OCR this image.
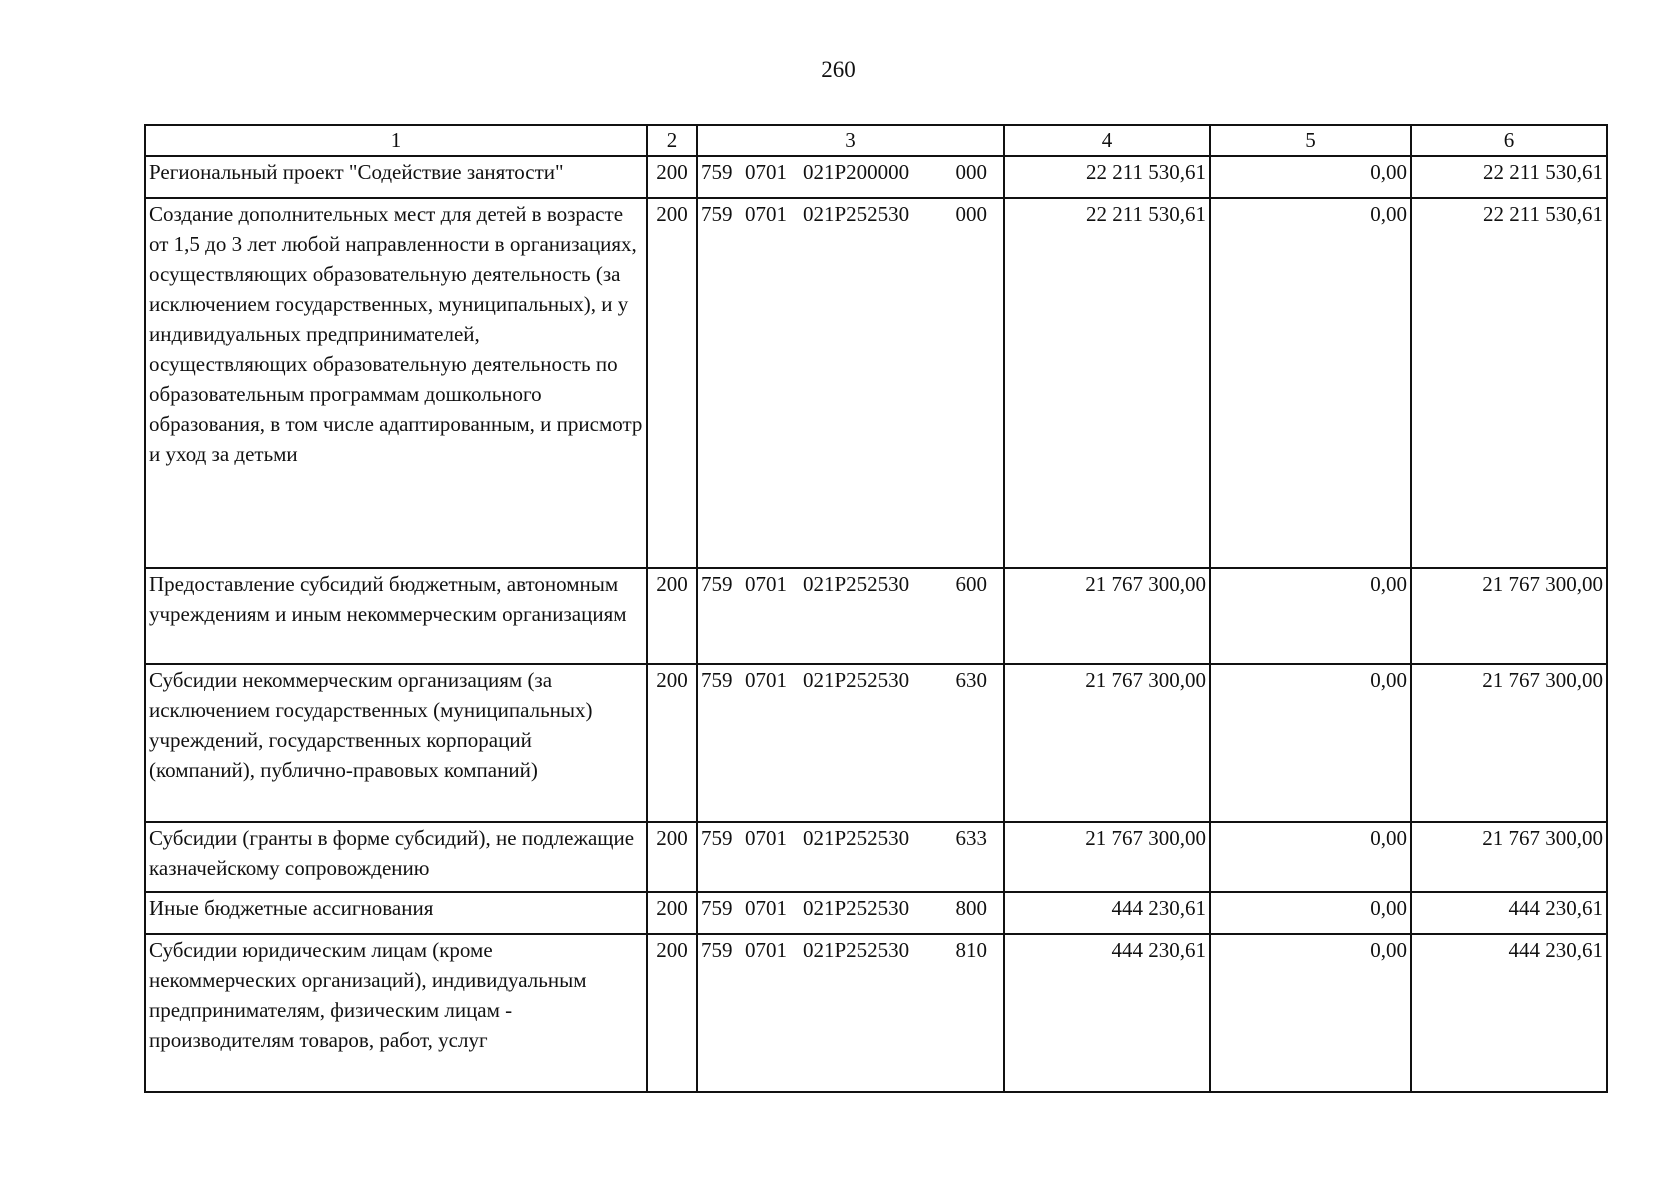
260
1	2	3	4	5	6
Региональный проект "Содействие занятости"	200	759 0701 021P200000 000	22 211 530,61	0,00	22 211 530,61
Создание дополнительных мест для детей в возрасте от 1,5 до 3 лет любой направленности в организациях, осуществляющих образовательную деятельность (за исключением государственных, муниципальных), и у индивидуальных предпринимателей, осуществляющих образовательную деятельность по образовательным программам дошкольного образования, в том числе адаптированным, и присмотр и уход за детьми	200	759 0701 021P252530 000	22 211 530,61	0,00	22 211 530,61
Предоставление субсидий бюджетным, автономным учреждениям и иным некоммерческим организациям	200	759 0701 021P252530 600	21 767 300,00	0,00	21 767 300,00
Субсидии некоммерческим организациям (за исключением государственных (муниципальных) учреждений, государственных корпораций (компаний), публично-правовых компаний)	200	759 0701 021P252530 630	21 767 300,00	0,00	21 767 300,00
Субсидии (гранты в форме субсидий), не подлежащие казначейскому сопровождению	200	759 0701 021P252530 633	21 767 300,00	0,00	21 767 300,00
Иные бюджетные ассигнования	200	759 0701 021P252530 800	444 230,61	0,00	444 230,61
Субсидии юридическим лицам (кроме некоммерческих организаций), индивидуальным предпринимателям, физическим лицам - производителям товаров, работ, услуг	200	759 0701 021P252530 810	444 230,61	0,00	444 230,61
